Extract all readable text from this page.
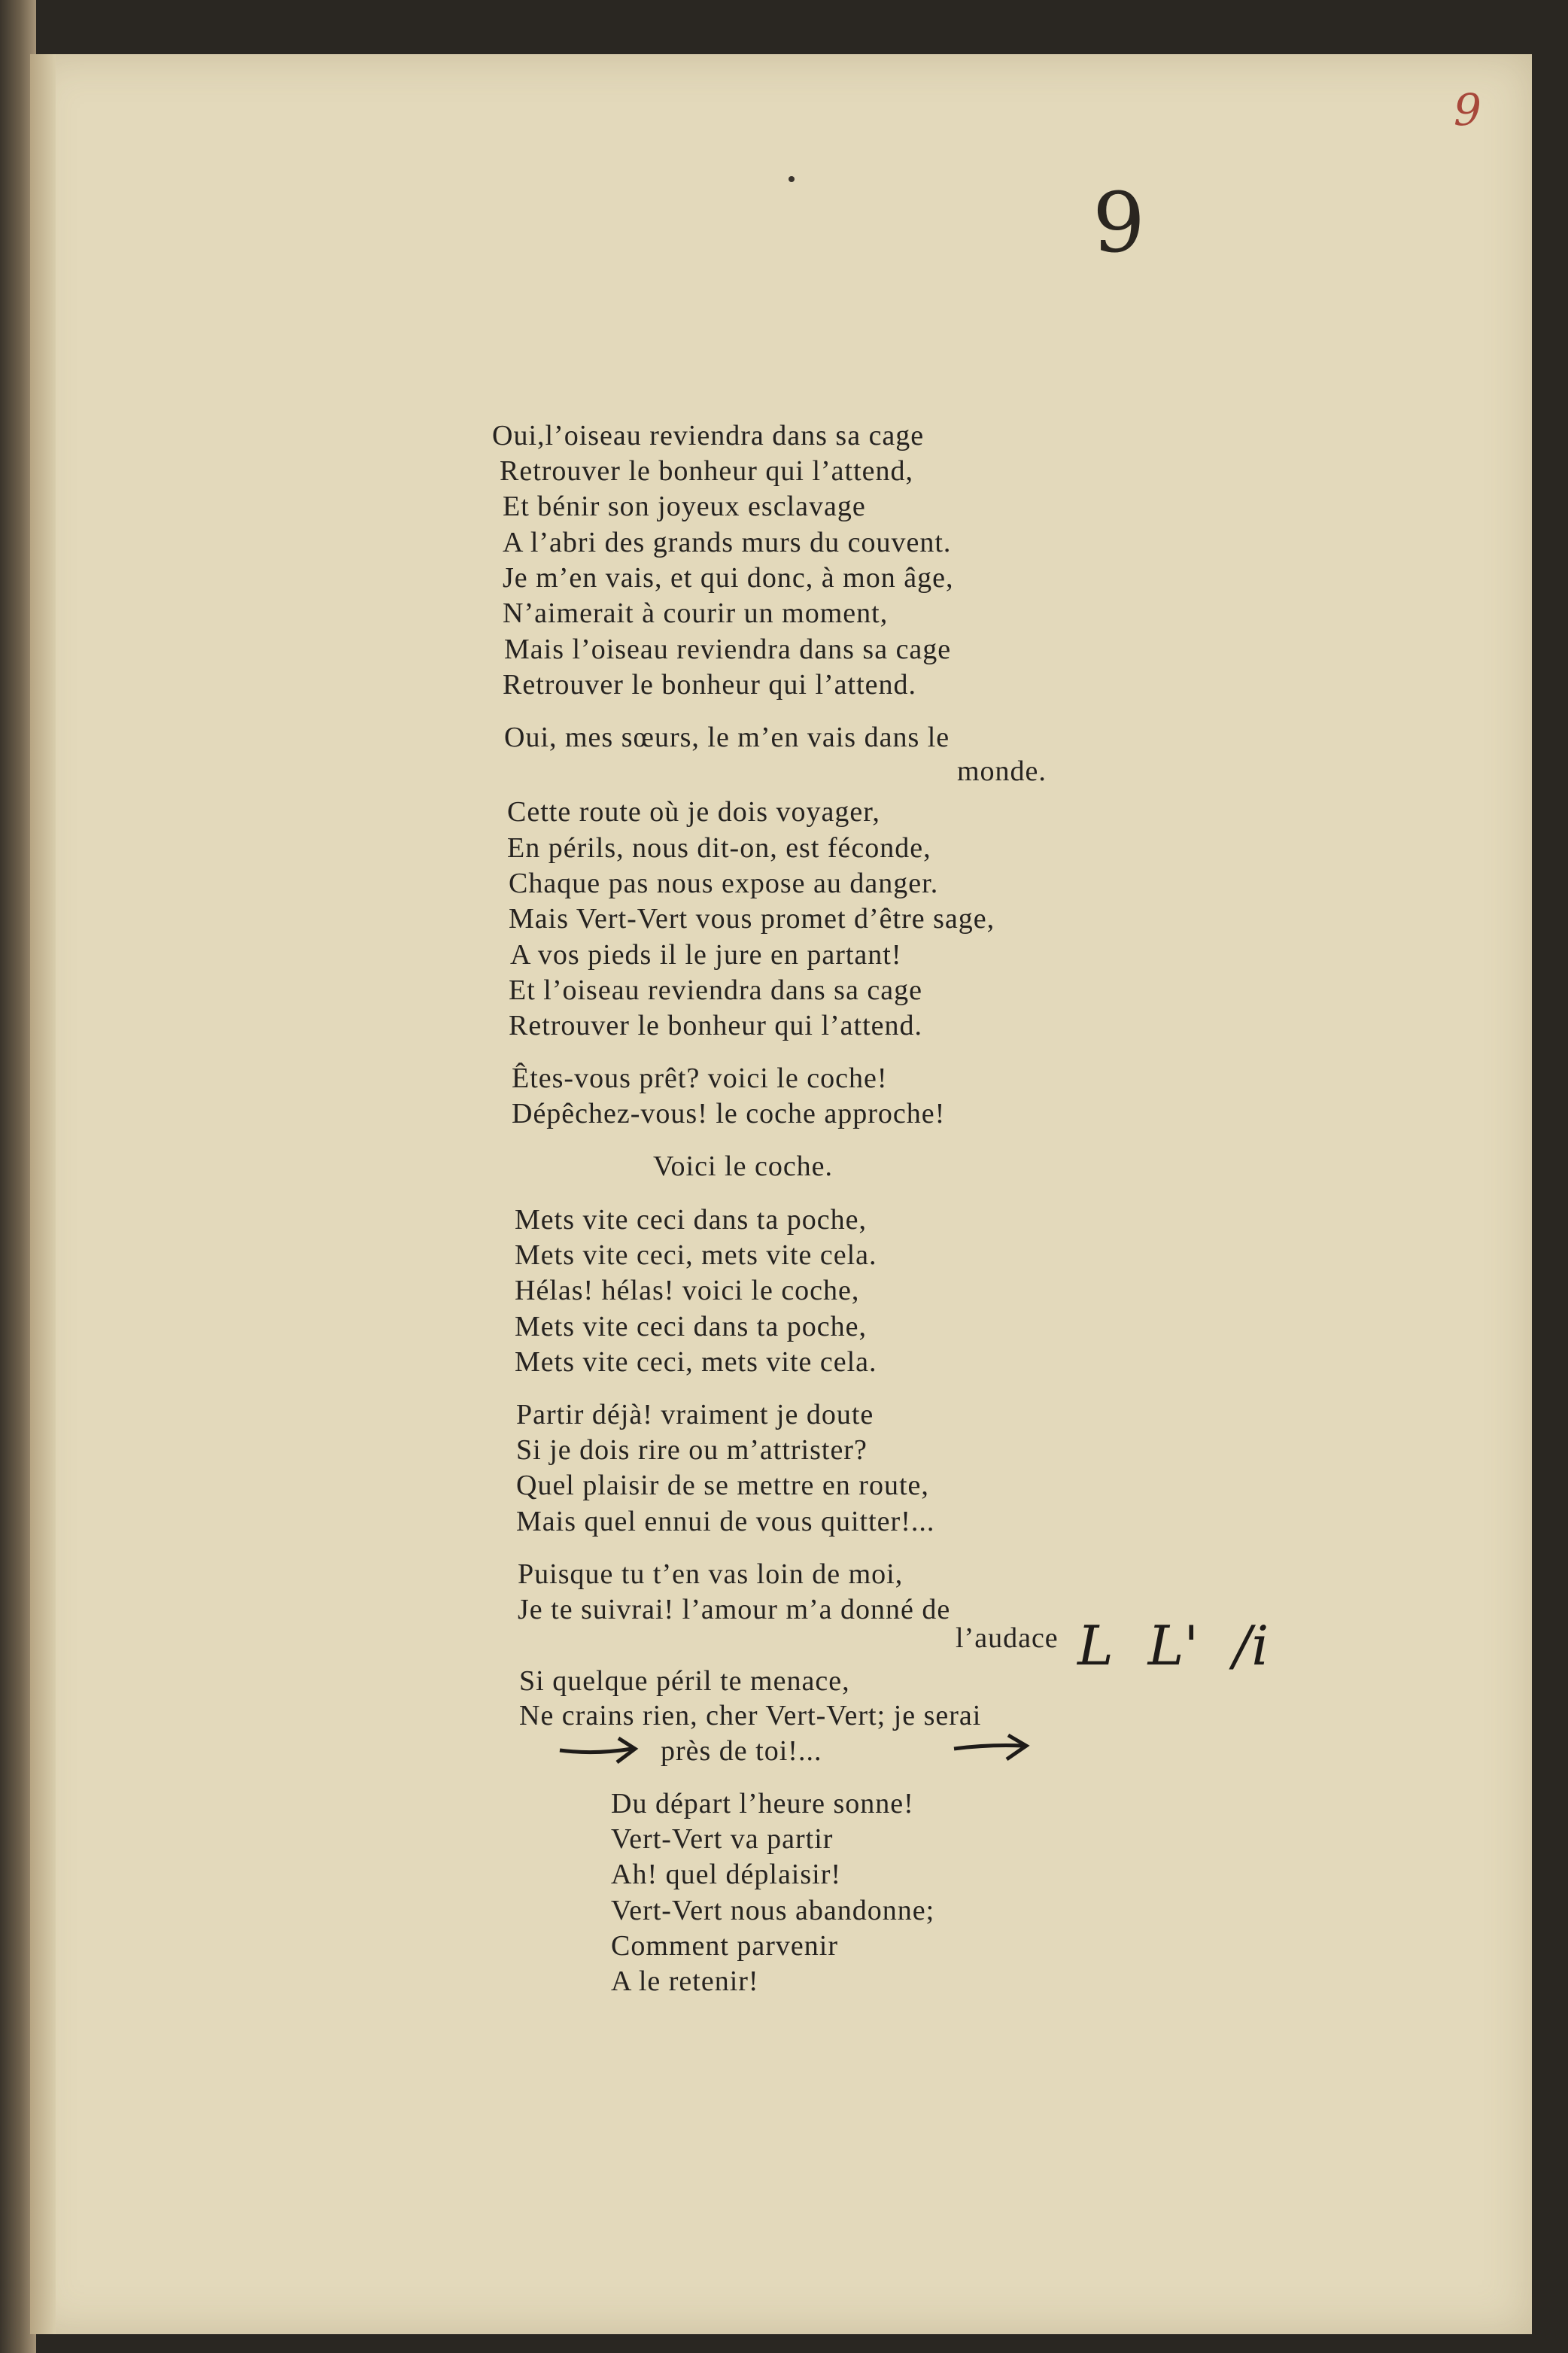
9
9
Oui,l’oiseau reviendra dans sa cage
Retrouver le bonheur qui l’attend,
Et bénir son joyeux esclavage
A l’abri des grands murs du couvent.
Je m’en vais, et qui donc, à mon âge,
N’aimerait à courir un moment,
Mais l’oiseau reviendra dans sa cage
Retrouver le bonheur qui l’attend.
Oui, mes sœurs, le m’en vais dans le
monde.
Cette route où je dois voyager,
En périls, nous dit-on, est féconde,
Chaque pas nous expose au danger.
Mais Vert-Vert vous promet d’être sage,
A vos pieds il le jure en partant!
Et l’oiseau reviendra dans sa cage
Retrouver le bonheur qui l’attend.
Êtes-vous prêt? voici le coche!
Dépêchez-vous! le coche approche!
Voici le coche.
Mets vite ceci dans ta poche,
Mets vite ceci, mets vite cela.
Hélas! hélas! voici le coche,
Mets vite ceci dans ta poche,
Mets vite ceci, mets vite cela.
Partir déjà! vraiment je doute
Si je dois rire ou m’attrister?
Quel plaisir de se mettre en route,
Mais quel ennui de vous quitter!...
Puisque tu t’en vas loin de moi,
Je te suivrai! l’amour m’a donné de
l’audace
Si quelque péril te menace,
Ne crains rien, cher Vert-Vert; je serai
près de toi!...
Du départ l’heure sonne!
Vert-Vert va partir
Ah! quel déplaisir!
Vert-Vert nous abandonne;
Comment parvenir
A le retenir!
L  L'  /i
